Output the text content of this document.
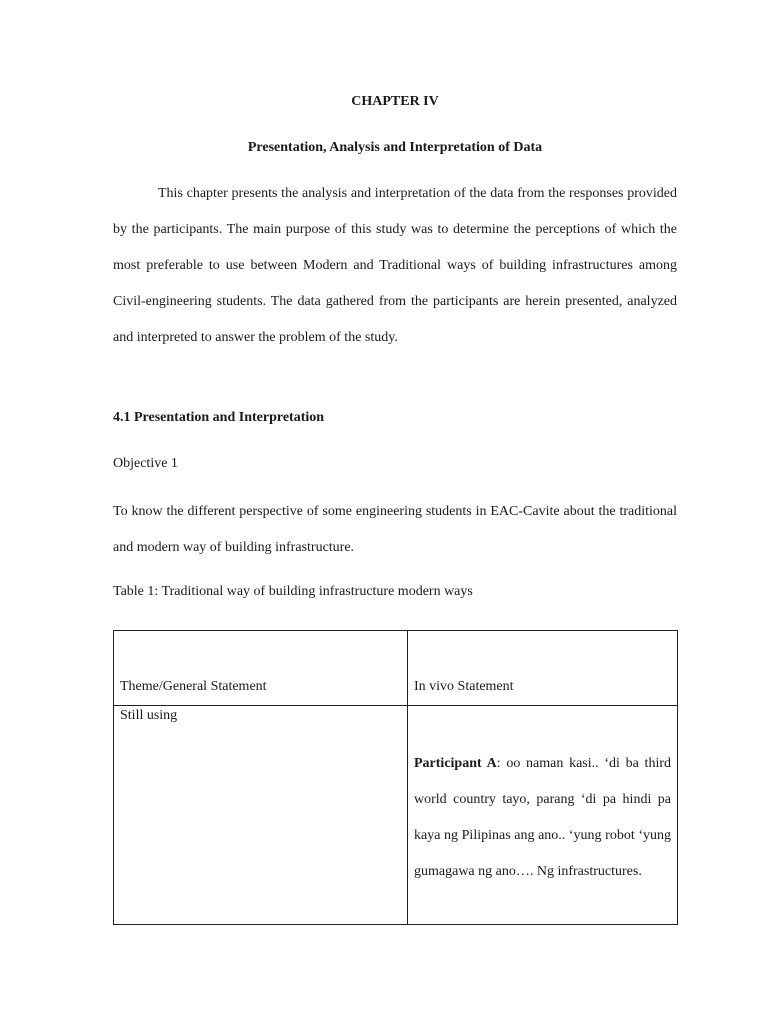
CHAPTER IV
Presentation, Analysis and Interpretation of Data

This chapter presents the analysis and interpretation of the data from the responses provided by the participants. The main purpose of this study was to determine the perceptions of which the most preferable to use between Modern and Traditional ways of building infrastructures among Civil-engineering students. The data gathered from the participants are herein presented, analyzed and interpreted to answer the problem of the study.

4.1 Presentation and Interpretation
Objective 1

To know the different perspective of some engineering students in EAC-Cavite about the traditional and modern way of building infrastructure.

Table 1: Traditional way of building infrastructure modern ways
Theme/General Statement	In vivo Statement

Still using	Participant A: oo naman kasi.. ‘di ba third world country tayo, parang ‘di pa hindi pa kaya ng Pilipinas ang ano.. ‘yung robot ‘yung gumagawa ng ano…. Ng infrastructures.
